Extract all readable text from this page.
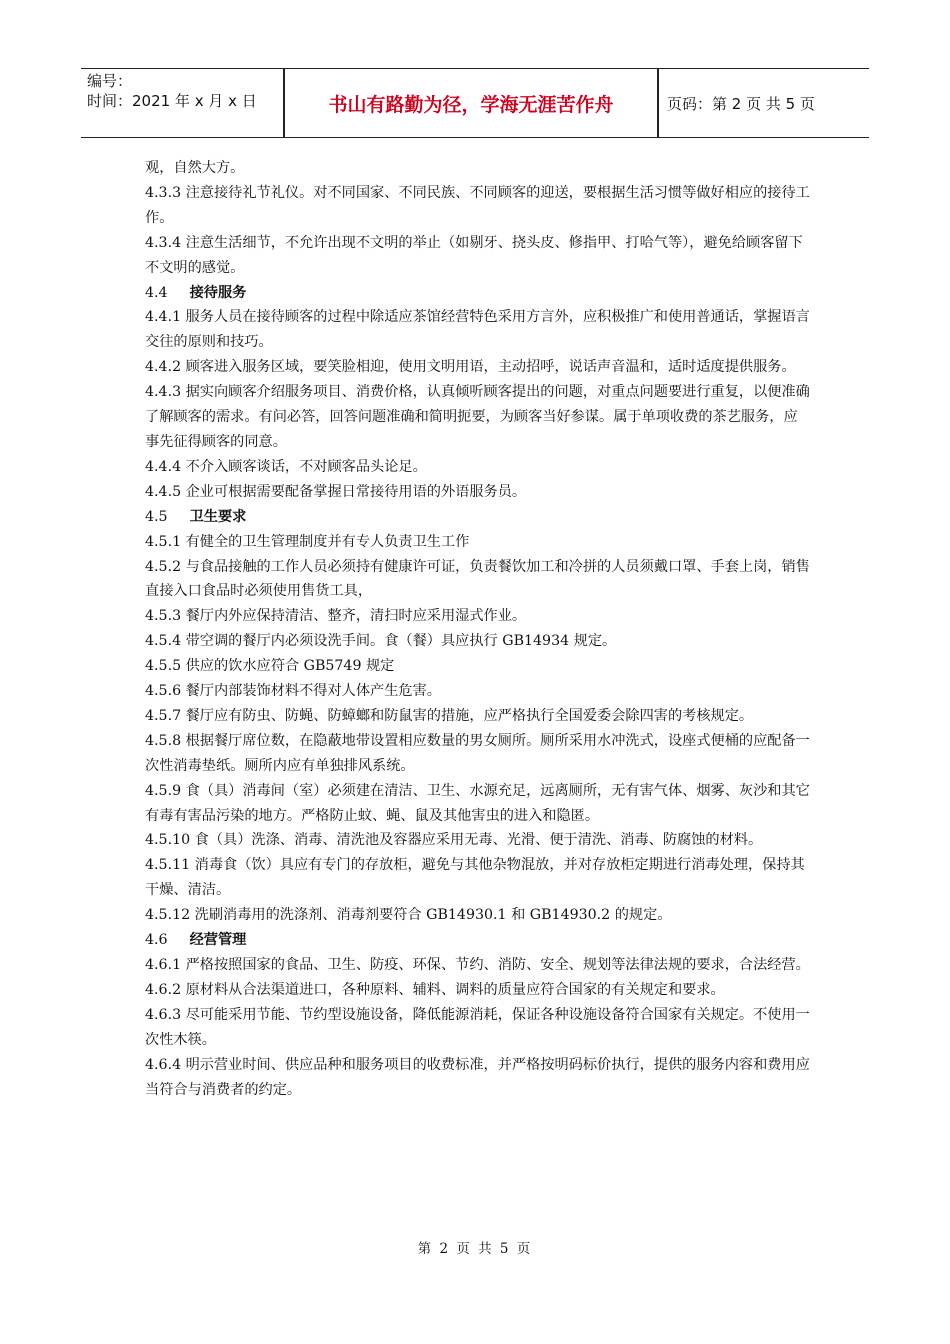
编号：
时间：2021 年 x 月 x 日	书山有路勤为径，学海无涯苦作舟	页码：第 2 页 共 5 页

观，自然大方。

4.3.3 注意接待礼节礼仪。对不同国家、不同民族、不同顾客的迎送，要根据生活习惯等做好相应的接待工作。

4.3.4 注意生活细节，不允许出现不文明的举止（如剔牙、挠头皮、修指甲、打哈气等），避免给顾客留下不文明的感觉。

4.4 接待服务

4.4.1 服务人员在接待顾客的过程中除适应茶馆经营特色采用方言外，应积极推广和使用普通话，掌握语言交往的原则和技巧。

4.4.2 顾客进入服务区域，要笑脸相迎，使用文明用语，主动招呼，说话声音温和，适时适度提供服务。

4.4.3 据实向顾客介绍服务项目、消费价格，认真倾听顾客提出的问题，对重点问题要进行重复，以便准确了解顾客的需求。有问必答，回答问题准确和简明扼要，为顾客当好参谋。属于单项收费的茶艺服务，应事先征得顾客的同意。

4.4.4 不介入顾客谈话，不对顾客品头论足。

4.4.5 企业可根据需要配备掌握日常接待用语的外语服务员。

4.5 卫生要求

4.5.1 有健全的卫生管理制度并有专人负责卫生工作

4.5.2 与食品接触的工作人员必须持有健康许可证，负责餐饮加工和冷拼的人员须戴口罩、手套上岗，销售直接入口食品时必须使用售货工具，

4.5.3 餐厅内外应保持清洁、整齐，清扫时应采用湿式作业。

4.5.4 带空调的餐厅内必须设洗手间。食（餐）具应执行 GB14934 规定。

4.5.5 供应的饮水应符合 GB5749 规定

4.5.6 餐厅内部装饰材料不得对人体产生危害。

4.5.7 餐厅应有防虫、防蝇、防蟑螂和防鼠害的措施，应严格执行全国爱委会除四害的考核规定。

4.5.8 根据餐厅席位数，在隐蔽地带设置相应数量的男女厕所。厕所采用水冲洗式，设座式便桶的应配备一次性消毒垫纸。厕所内应有单独排风系统。

4.5.9 食（具）消毒间（室）必须建在清洁、卫生、水源充足，远离厕所，无有害气体、烟雾、灰沙和其它有毒有害品污染的地方。严格防止蚊、蝇、鼠及其他害虫的进入和隐匿。

4.5.10 食（具）洗涤、消毒、清洗池及容器应采用无毒、光滑、便于清洗、消毒、防腐蚀的材料。

4.5.11 消毒食（饮）具应有专门的存放柜，避免与其他杂物混放，并对存放柜定期进行消毒处理，保持其干燥、清洁。

4.5.12 洗刷消毒用的洗涤剂、消毒剂要符合 GB14930.1 和 GB14930.2 的规定。

4.6 经营管理

4.6.1 严格按照国家的食品、卫生、防疫、环保、节约、消防、安全、规划等法律法规的要求，合法经营。

4.6.2 原材料从合法渠道进口，各种原料、辅料、调料的质量应符合国家的有关规定和要求。

4.6.3 尽可能采用节能、节约型设施设备，降低能源消耗，保证各种设施设备符合国家有关规定。不使用一次性木筷。

4.6.4 明示营业时间、供应品种和服务项目的收费标准，并严格按明码标价执行，提供的服务内容和费用应当符合与消费者的约定。

第 2 页 共 5 页
